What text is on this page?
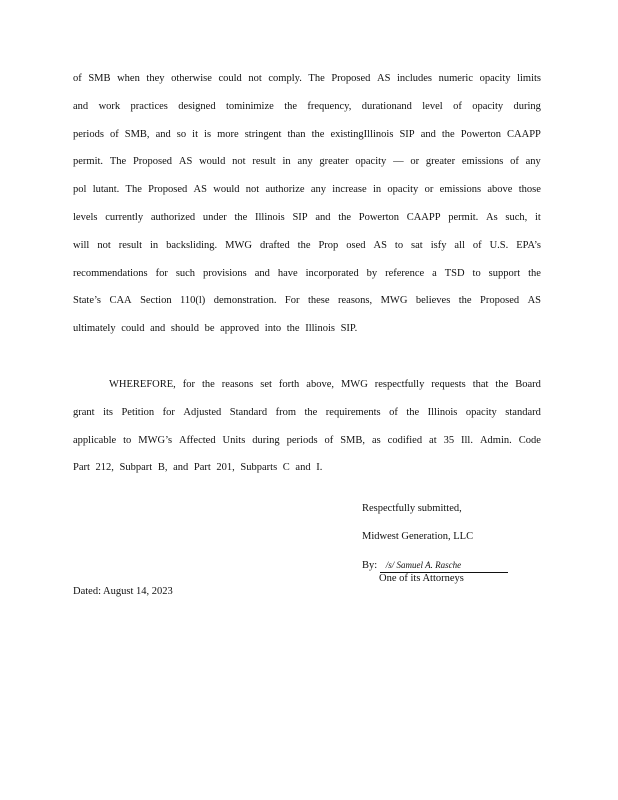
of SMB when they otherwise could not comply. The Proposed AS includes numeric opacity limits
and work practices designed tominimize the frequency, durationand level of opacity during
periods of SMB, and so it is more stringent than the existingIllinois SIP and the Powerton CAAPP
permit. The Proposed AS would not result in any greater opacity — or greater emissions of any
pol lutant. The Proposed AS would not authorize any increase in opacity or emissions above those
levels currently authorized under the Illinois SIP and the Powerton CAAPP permit. As such, it
will not result in backsliding. MWG drafted the Prop osed AS to sat isfy all of U.S. EPA’s
recommendations for such provisions and have incorporated by reference a TSD to support the
State’s CAA Section 110(l) demonstration. For these reasons, MWG believes the Proposed AS
ultimately could and should be approved into the Illinois SIP.
WHEREFORE, for the reasons set forth above, MWG respectfully requests that the Board
grant its Petition for Adjusted Standard from the requirements of the Illinois opacity standard
applicable to MWG’s Affected Units during periods of SMB, as codified at 35 Ill. Admin. Code
Part 212, Subpart B, and Part 201, Subparts C and I.
Respectfully submitted,
Midwest Generation, LLC
By: /s/ Samuel A. Rasche
One of its Attorneys
Dated: August 14, 2023
